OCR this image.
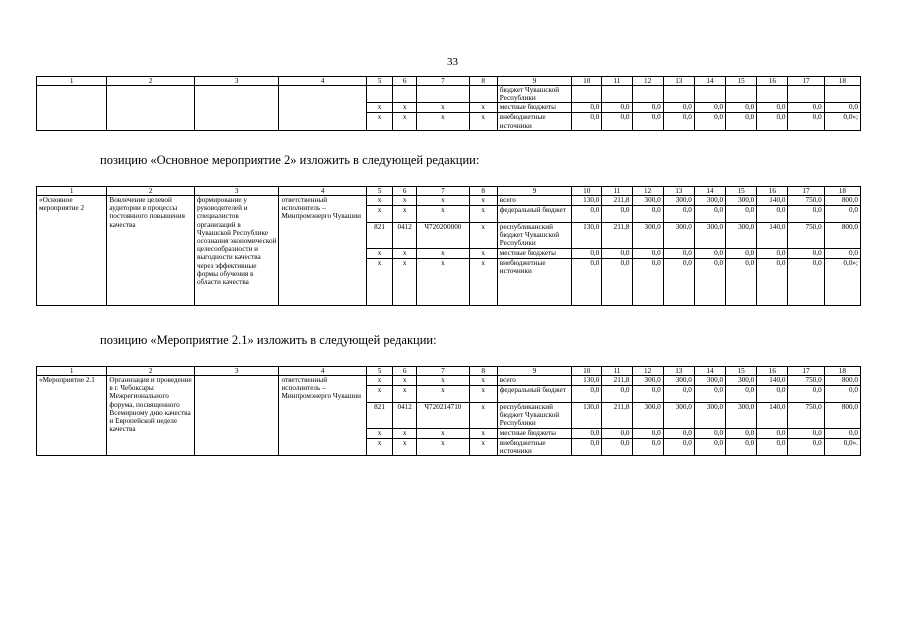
33
1	2	3	4	5	6	7	8	9	10	11	12	13	14	15	16	17	18
								бюджет Чувашской Республики									
				x	x	x	x	местные бюджеты	0,0	0,0	0,0	0,0	0,0	0,0	0,0	0,0	0,0
				x	x	x	x	внебюджетные источники	0,0	0,0	0,0	0,0	0,0	0,0	0,0	0,0	0,0»;
позицию «Основное мероприятие 2» изложить в следующей редакции:
1	2	3	4	5	6	7	8	9	10	11	12	13	14	15	16	17	18
«Основное мероприятие 2	Вовлечение целевой аудитории в процессы постоянного повышения качества	формирование у руководителей и специалистов организаций в Чувашской Республике осознания экономической целесообразности и выгодности качества через эффективные формы обучения в области качества	ответственный исполнитель – Минпромэнерго Чувашии	x	x	x	x	всего	130,0	211,8	300,0	300,0	300,0	300,0	140,0	750,0	800,0
				x	x	x	x	федеральный бюджет	0,0	0,0	0,0	0,0	0,0	0,0	0,0	0,0	0,0
				821	0412	Ч720200000	x	республиканский бюджет Чувашской Республики	130,0	211,8	300,0	300,0	300,0	300,0	140,0	750,0	800,0
				x	x	x	x	местные бюджеты	0,0	0,0	0,0	0,0	0,0	0,0	0,0	0,0	0,0
				x	x	x	x	внебюджетные источники	0,0	0,0	0,0	0,0	0,0	0,0	0,0	0,0	0,0»;
позицию «Мероприятие 2.1» изложить в следующей редакции:
1	2	3	4	5	6	7	8	9	10	11	12	13	14	15	16	17	18
«Мероприятие 2.1	Организация и проведение в г. Чебоксары Межрегионального форума, посвященного Всемирному дню качества и Европейской неделе качества		ответственный исполнитель – Минпромэнерго Чувашии	x	x	x	x	всего	130,0	211,8	300,0	300,0	300,0	300,0	140,0	750,0	800,0
				x	x	x	x	федеральный бюджет	0,0	0,0	0,0	0,0	0,0	0,0	0,0	0,0	0,0
				821	0412	Ч720214710	x	республиканский бюджет Чувашской Республики	130,0	211,8	300,0	300,0	300,0	300,0	140,0	750,0	800,0
				x	x	x	x	местные бюджеты	0,0	0,0	0,0	0,0	0,0	0,0	0,0	0,0	0,0
				x	x	x	x	внебюджетные источники	0,0	0,0	0,0	0,0	0,0	0,0	0,0	0,0	0,0».
